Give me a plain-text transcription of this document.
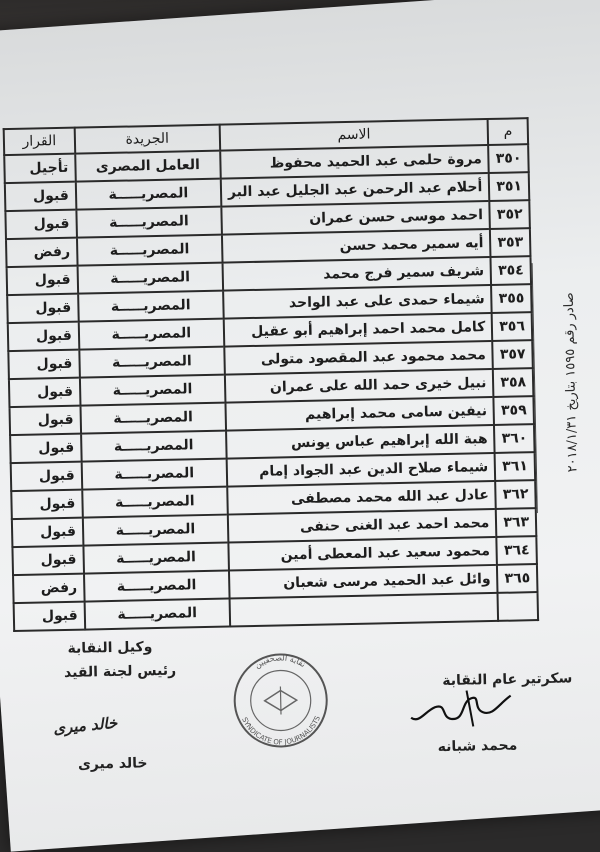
م	الاسم	الجريدة	القرار
٣٥٠	مروة حلمى عبد الحميد محفوظ	العامل المصرى	تأجيل
٣٥١	أحلام عبد الرحمن عبد الجليل عبد البر	المصريـــــة	قبول
٣٥٢	احمد موسى حسن عمران	المصريـــــة	قبول
٣٥٣	أيه سمير محمد حسن	المصريـــــة	رفض
٣٥٤	شريف سمير فرج محمد	المصريـــــة	قبول
٣٥٥	شيماء حمدى على عبد الواحد	المصريـــــة	قبول
٣٥٦	كامل محمد احمد إبراهيم أبو عقيل	المصريـــــة	قبول
٣٥٧	محمد محمود عبد المقصود متولى	المصريـــــة	قبول
٣٥٨	نبيل خيرى حمد الله على عمران	المصريـــــة	قبول
٣٥٩	نيفين سامى محمد إبراهيم	المصريـــــة	قبول
٣٦٠	هبة الله إبراهيم عباس يونس	المصريـــــة	قبول
٣٦١	شيماء صلاح الدين عبد الجواد إمام	المصريـــــة	قبول
٣٦٢	عادل عبد الله محمد مصطفى	المصريـــــة	قبول
٣٦٣	محمد احمد عبد الغنى حنفى	المصريـــــة	قبول
٣٦٤	محمود سعيد عبد المعطى أمين	المصريـــــة	قبول
٣٦٥	وائل عبد الحميد مرسى شعبان	المصريـــــة	رفض
		المصريـــــة	قبول
صادر رقم ١٥٩٥ بتاريخ ٢٠١٨/١/٣١
وكيل النقابة
رئيس لجنة القيد
خالد ميرى
خالد ميرى
سكرتير عام النقابة
محمد شبانه
نقابة الصحفيين
SYNDICATE OF JOURNALISTS
